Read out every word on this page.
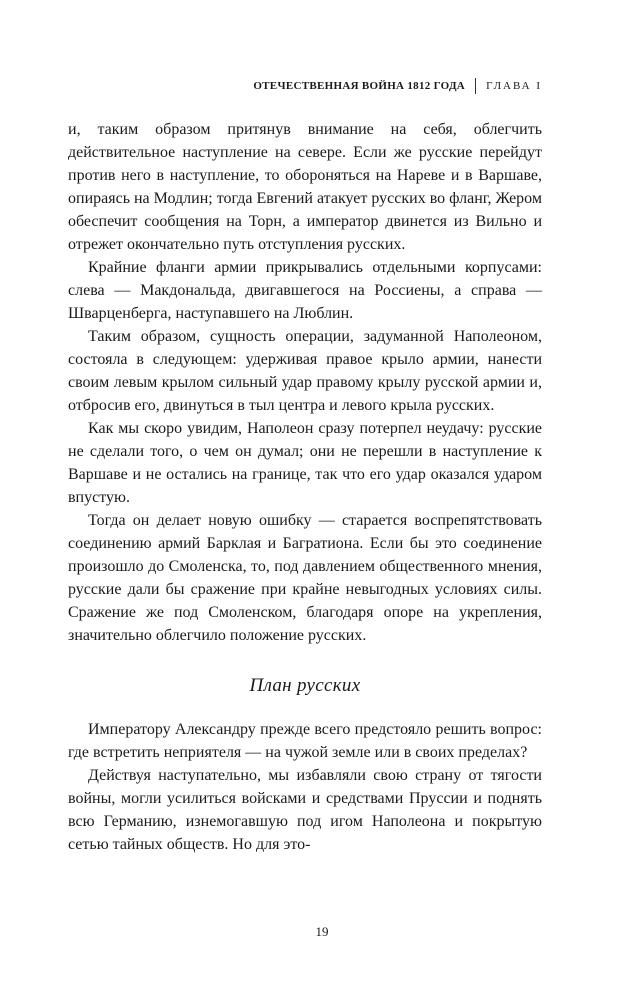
ОТЕЧЕСТВЕННАЯ ВОЙНА 1812 ГОДА ГЛАВА I

и, таким образом притянув внимание на себя, облегчить действительное наступление на севере. Если же русские перейдут против него в наступление, то обороняться на Нареве и в Варшаве, опираясь на Модлин; тогда Евгений атакует русских во фланг, Жером обеспечит сообщения на Торн, а император двинется из Вильно и отрежет окончательно путь отступления русских.

Крайние фланги армии прикрывались отдельными корпусами: слева — Макдональда, двигавшегося на Россиены, а справа — Шварценберга, наступавшего на Люблин.

Таким образом, сущность операции, задуманной Наполеоном, состояла в следующем: удерживая правое крыло армии, нанести своим левым крылом сильный удар правому крылу русской армии и, отбросив его, двинуться в тыл центра и левого крыла русских.

Как мы скоро увидим, Наполеон сразу потерпел неудачу: русские не сделали того, о чем он думал; они не перешли в наступление к Варшаве и не остались на границе, так что его удар оказался ударом впустую.

Тогда он делает новую ошибку — старается воспрепятствовать соединению армий Барклая и Багратиона. Если бы это соединение произошло до Смоленска, то, под давлением общественного мнения, русские дали бы сражение при крайне невыгодных условиях силы. Сражение же под Смоленском, благодаря опоре на укрепления, значительно облегчило положение русских.

План русских

Императору Александру прежде всего предстояло решить вопрос: где встретить неприятеля — на чужой земле или в своих пределах?

Действуя наступательно, мы избавляли свою страну от тягости войны, могли усилиться войсками и средствами Пруссии и поднять всю Германию, изнемогавшую под игом Наполеона и покрытую сетью тайных обществ. Но для это-

19
